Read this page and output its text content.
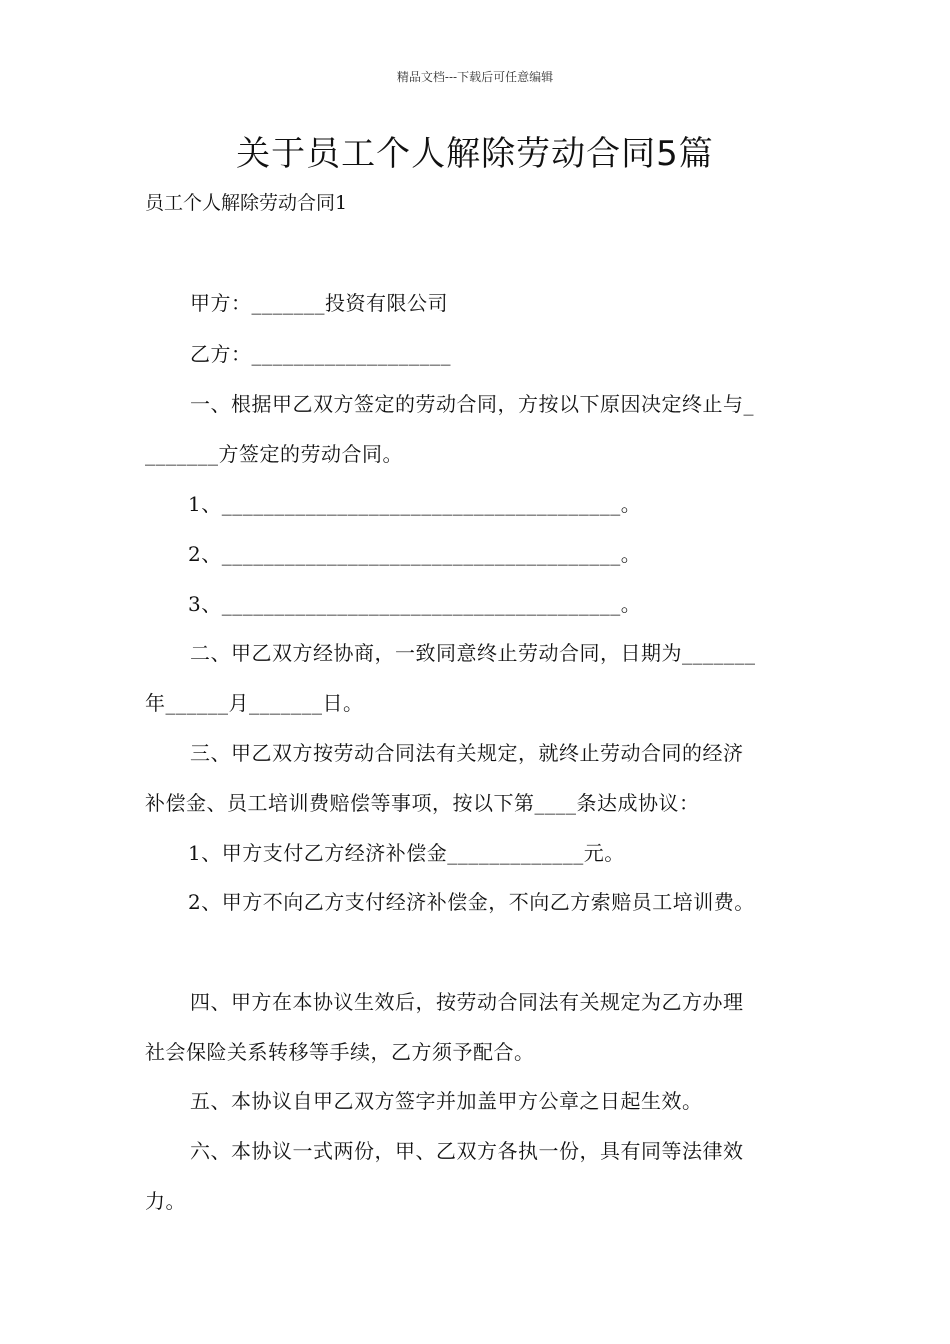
精品文档---下载后可任意编辑
关于员工个人解除劳动合同5篇
员工个人解除劳动合同1
甲方：_______投资有限公司
乙方：___________________
一、根据甲乙双方签定的劳动合同，方按以下原因决定终止与_
_______方签定的劳动合同。
1、______________________________________。
2、______________________________________。
3、______________________________________。
二、甲乙双方经协商，一致同意终止劳动合同，日期为_______
年______月_______日。
三、甲乙双方按劳动合同法有关规定，就终止劳动合同的经济
补偿金、员工培训费赔偿等事项，按以下第____条达成协议：
1、甲方支付乙方经济补偿金_____________元。
2、甲方不向乙方支付经济补偿金，不向乙方索赔员工培训费。
四、甲方在本协议生效后，按劳动合同法有关规定为乙方办理
社会保险关系转移等手续，乙方须予配合。
五、本协议自甲乙双方签字并加盖甲方公章之日起生效。
六、本协议一式两份，甲、乙双方各执一份，具有同等法律效
力。
